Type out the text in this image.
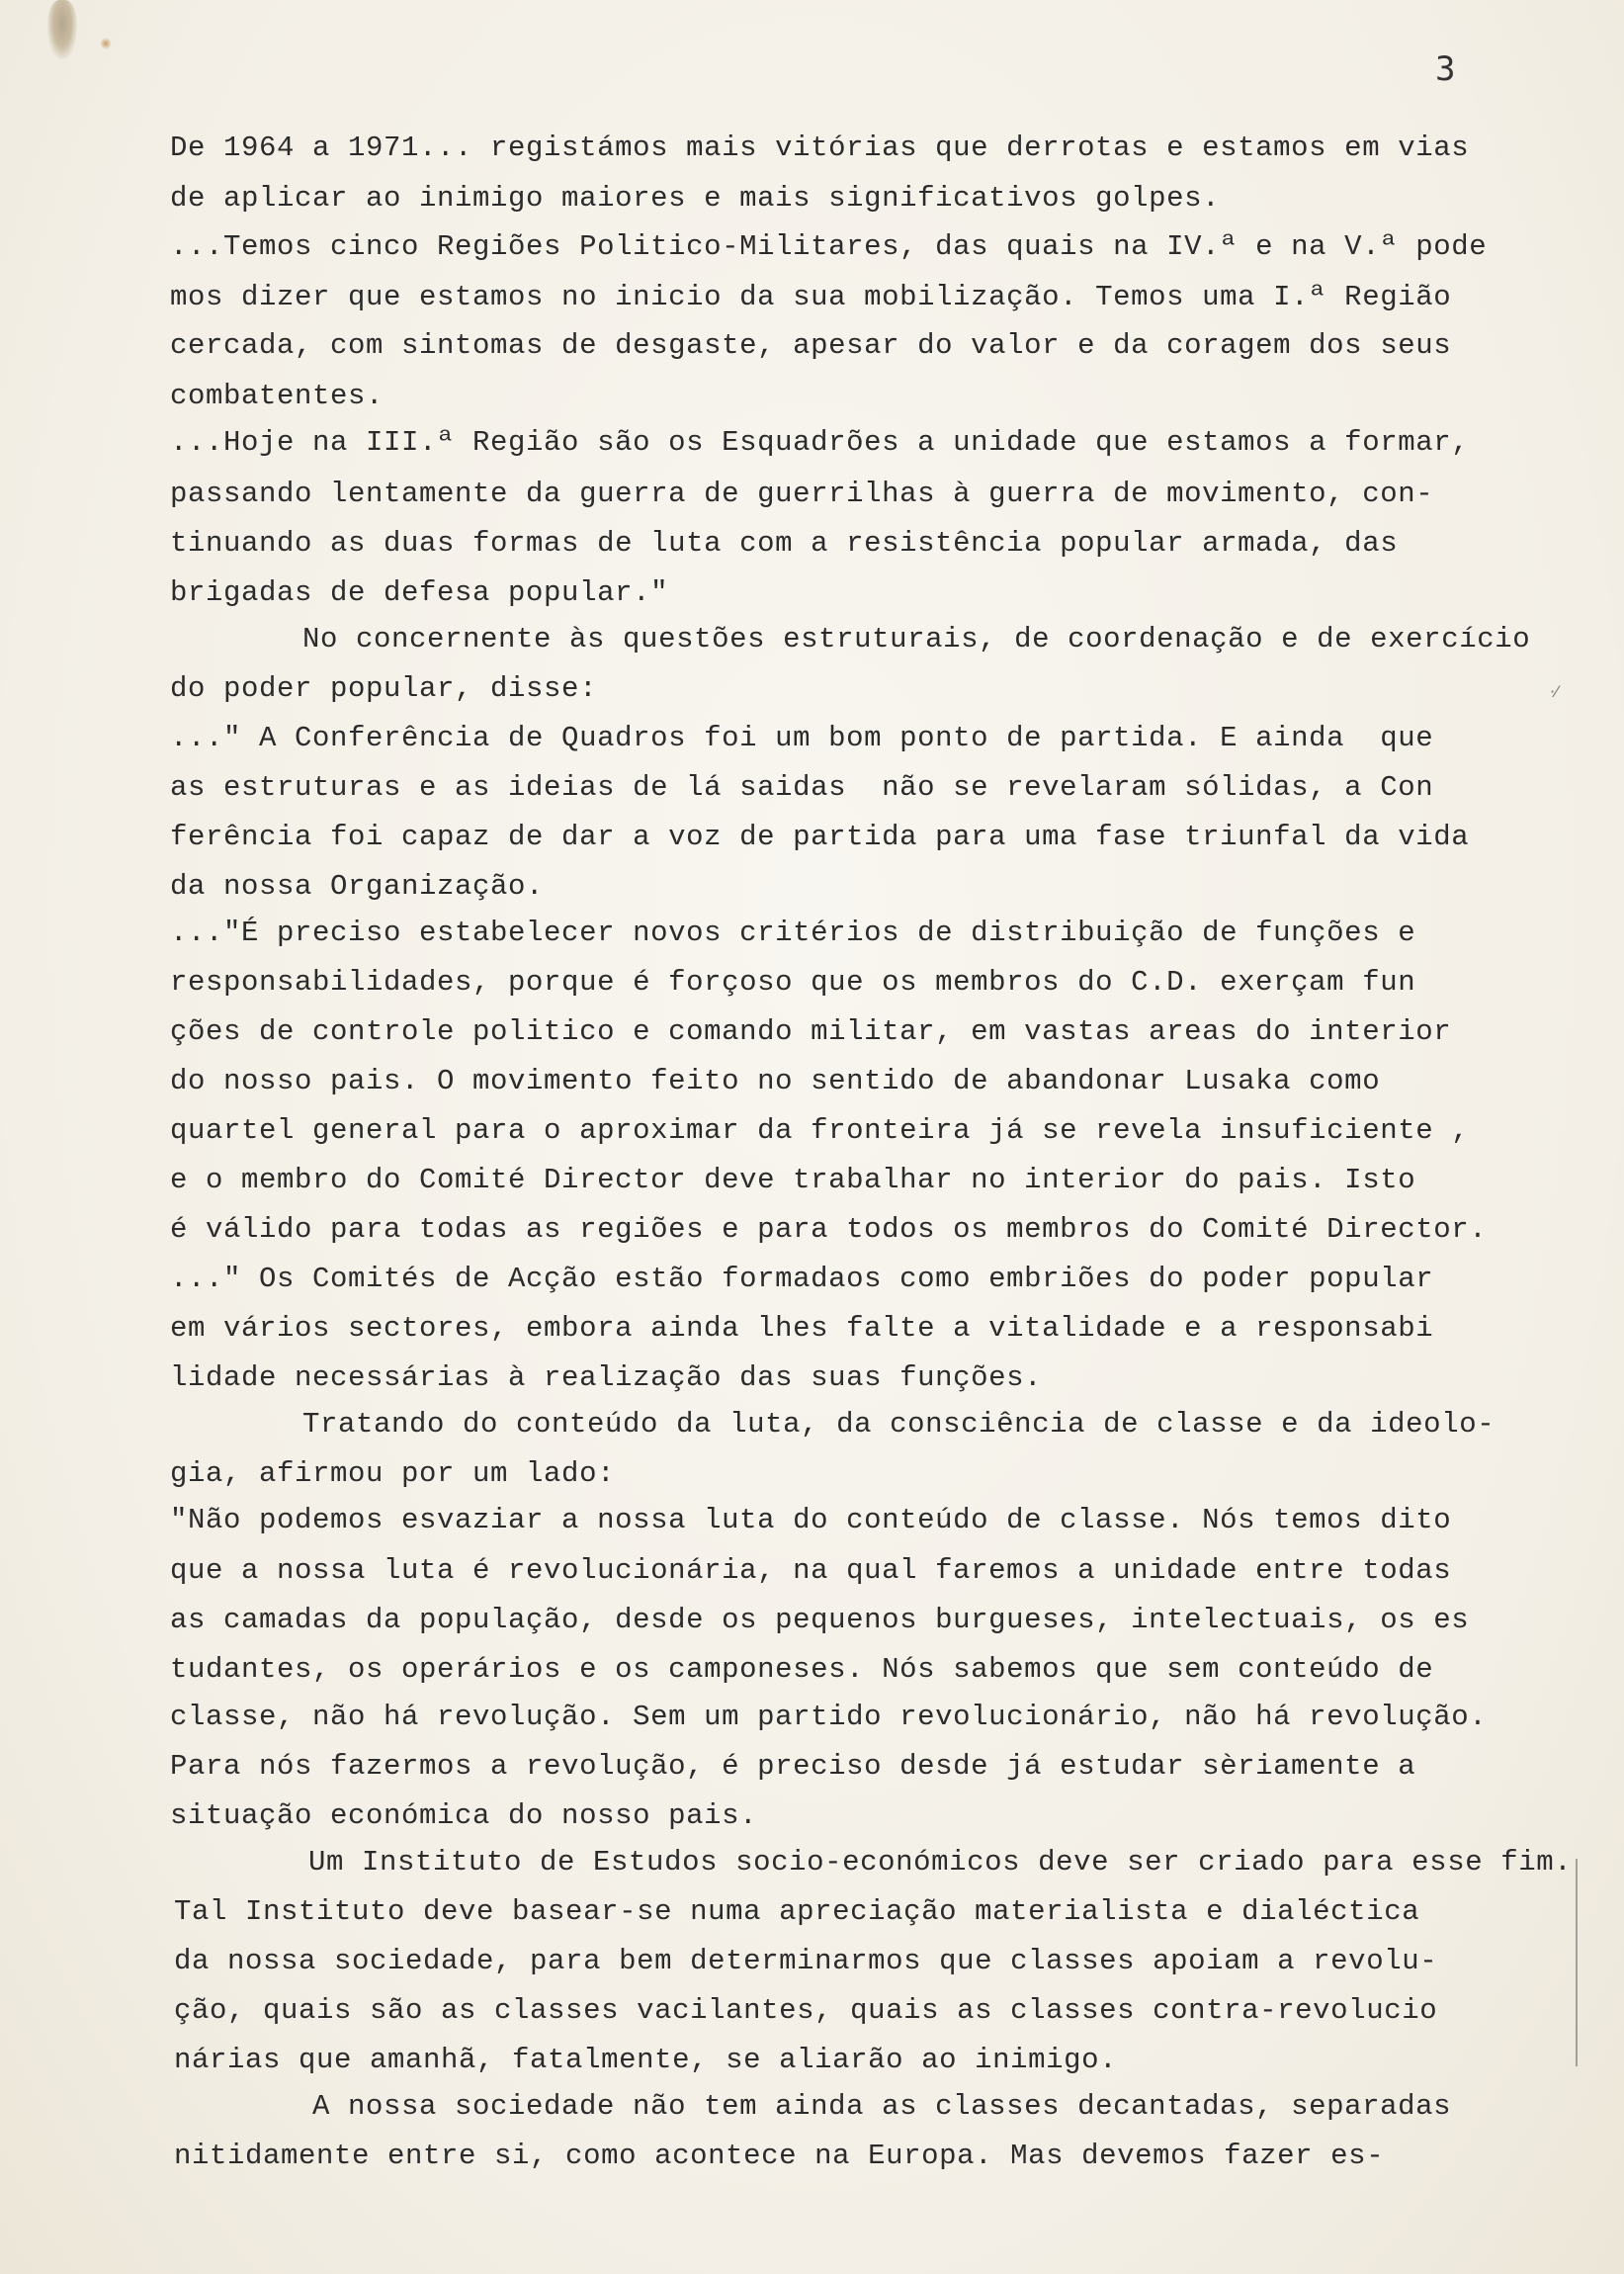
3
·⁄
De 1964 a 1971... registámos mais vitórias que derrotas e estamos em vias
de aplicar ao inimigo maiores e mais significativos golpes.
...Temos cinco Regiões Politico-Militares, das quais na IV.ª e na V.ª pode
mos dizer que estamos no inicio da sua mobilização. Temos uma I.ª Região
cercada, com sintomas de desgaste, apesar do valor e da coragem dos seus
combatentes.
...Hoje na III.ª Região são os Esquadrões a unidade que estamos a formar,
passando lentamente da guerra de guerrilhas à guerra de movimento, con-
tinuando as duas formas de luta com a resistência popular armada, das
brigadas de defesa popular."
No concernente às questões estruturais, de coordenação e de exercício
do poder popular, disse:
..." A Conferência de Quadros foi um bom ponto de partida. E ainda  que
as estruturas e as ideias de lá saidas  não se revelaram sólidas, a Con
ferência foi capaz de dar a voz de partida para uma fase triunfal da vida
da nossa Organização.
..."É preciso estabelecer novos critérios de distribuição de funções e
responsabilidades, porque é forçoso que os membros do C.D. exerçam fun
ções de controle politico e comando militar, em vastas areas do interior
do nosso pais. O movimento feito no sentido de abandonar Lusaka como
quartel general para o aproximar da fronteira já se revela insuficiente ,
e o membro do Comité Director deve trabalhar no interior do pais. Isto
é válido para todas as regiões e para todos os membros do Comité Director.
..." Os Comités de Acção estão formadaos como embriões do poder popular
em vários sectores, embora ainda lhes falte a vitalidade e a responsabi
lidade necessárias à realização das suas funções.
Tratando do conteúdo da luta, da consciência de classe e da ideolo-
gia, afirmou por um lado:
"Não podemos esvaziar a nossa luta do conteúdo de classe. Nós temos dito
que a nossa luta é revolucionária, na qual faremos a unidade entre todas
as camadas da população, desde os pequenos burgueses, intelectuais, os es
tudantes, os operários e os camponeses. Nós sabemos que sem conteúdo de
classe, não há revolução. Sem um partido revolucionário, não há revolução.
Para nós fazermos a revolução, é preciso desde já estudar sèriamente a
situação económica do nosso pais.
Um Instituto de Estudos socio-económicos deve ser criado para esse fim.
Tal Instituto deve basear-se numa apreciação materialista e dialéctica
da nossa sociedade, para bem determinarmos que classes apoiam a revolu-
ção, quais são as classes vacilantes, quais as classes contra-revolucio
nárias que amanhã, fatalmente, se aliarão ao inimigo.
A nossa sociedade não tem ainda as classes decantadas, separadas
nitidamente entre si, como acontece na Europa. Mas devemos fazer es-
